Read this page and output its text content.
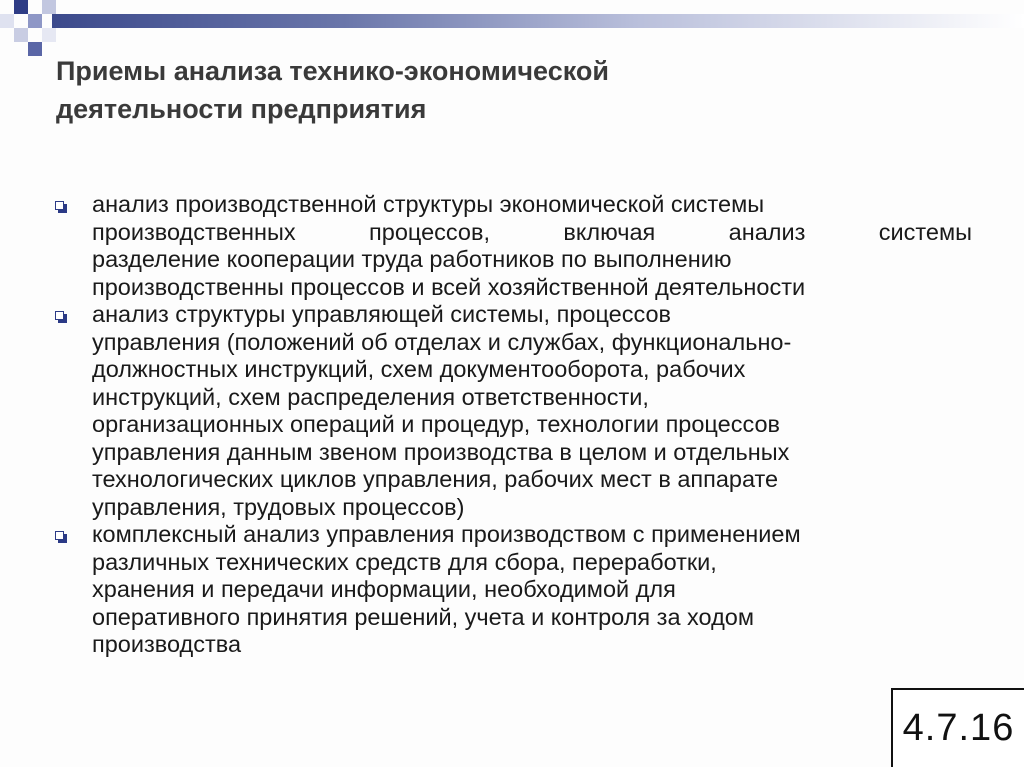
Приемы анализа технико-экономической
деятельности предприятия
анализ производственной структуры экономической системы
производственных процессов, включая анализ системы
разделение кооперации труда работников по выполнению
производственны процессов и всей хозяйственной деятельности
анализ структуры управляющей системы, процессов
управления (положений об отделах и службах, функционально-
должностных инструкций, схем документооборота, рабочих
инструкций, схем распределения ответственности,
организационных операций и процедур, технологии процессов
управления данным звеном производства в целом и отдельных
технологических циклов управления, рабочих мест в аппарате
управления, трудовых процессов)
комплексный анализ управления производством с применением
различных технических средств для сбора, переработки,
хранения и передачи информации, необходимой для
оперативного принятия решений, учета и контроля за ходом
производства
4.7.16
